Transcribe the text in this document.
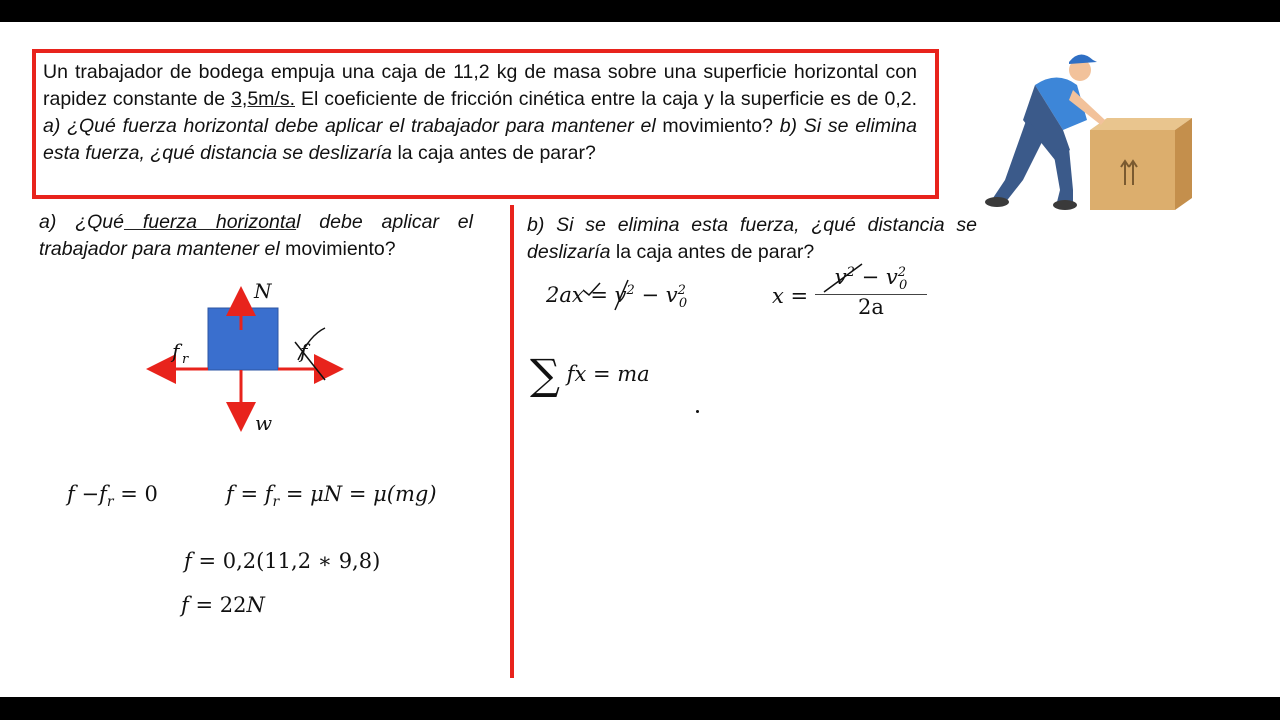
Un trabajador de bodega empuja una caja de 11,2 kg de masa sobre una superficie horizontal con rapidez constante de 3,5m/s. El coeficiente de fricción cinética entre la caja y la superficie es de 0,2. a) ¿Qué fuerza horizontal debe aplicar el trabajador para mantener el movimiento? b) Si se elimina esta fuerza, ¿qué distancia se deslizaría la caja antes de parar?

a) ¿Qué fuerza horizontal debe aplicar el trabajador para mantener el movimiento?

N
w
f r	f
$f -f_r = 0$	$f = f_r = \mu N = \mu(mg)$
f = 0,2(11,2 ∗ 9,8)
f = 22N

b) Si se elimina esta fuerza, ¿qué distancia se deslizaría la caja antes de parar?

$2ax = v^2 - v^2_0$	$x = \frac{v^2 - v^2_0}{2a}$
∑ fx = ma
